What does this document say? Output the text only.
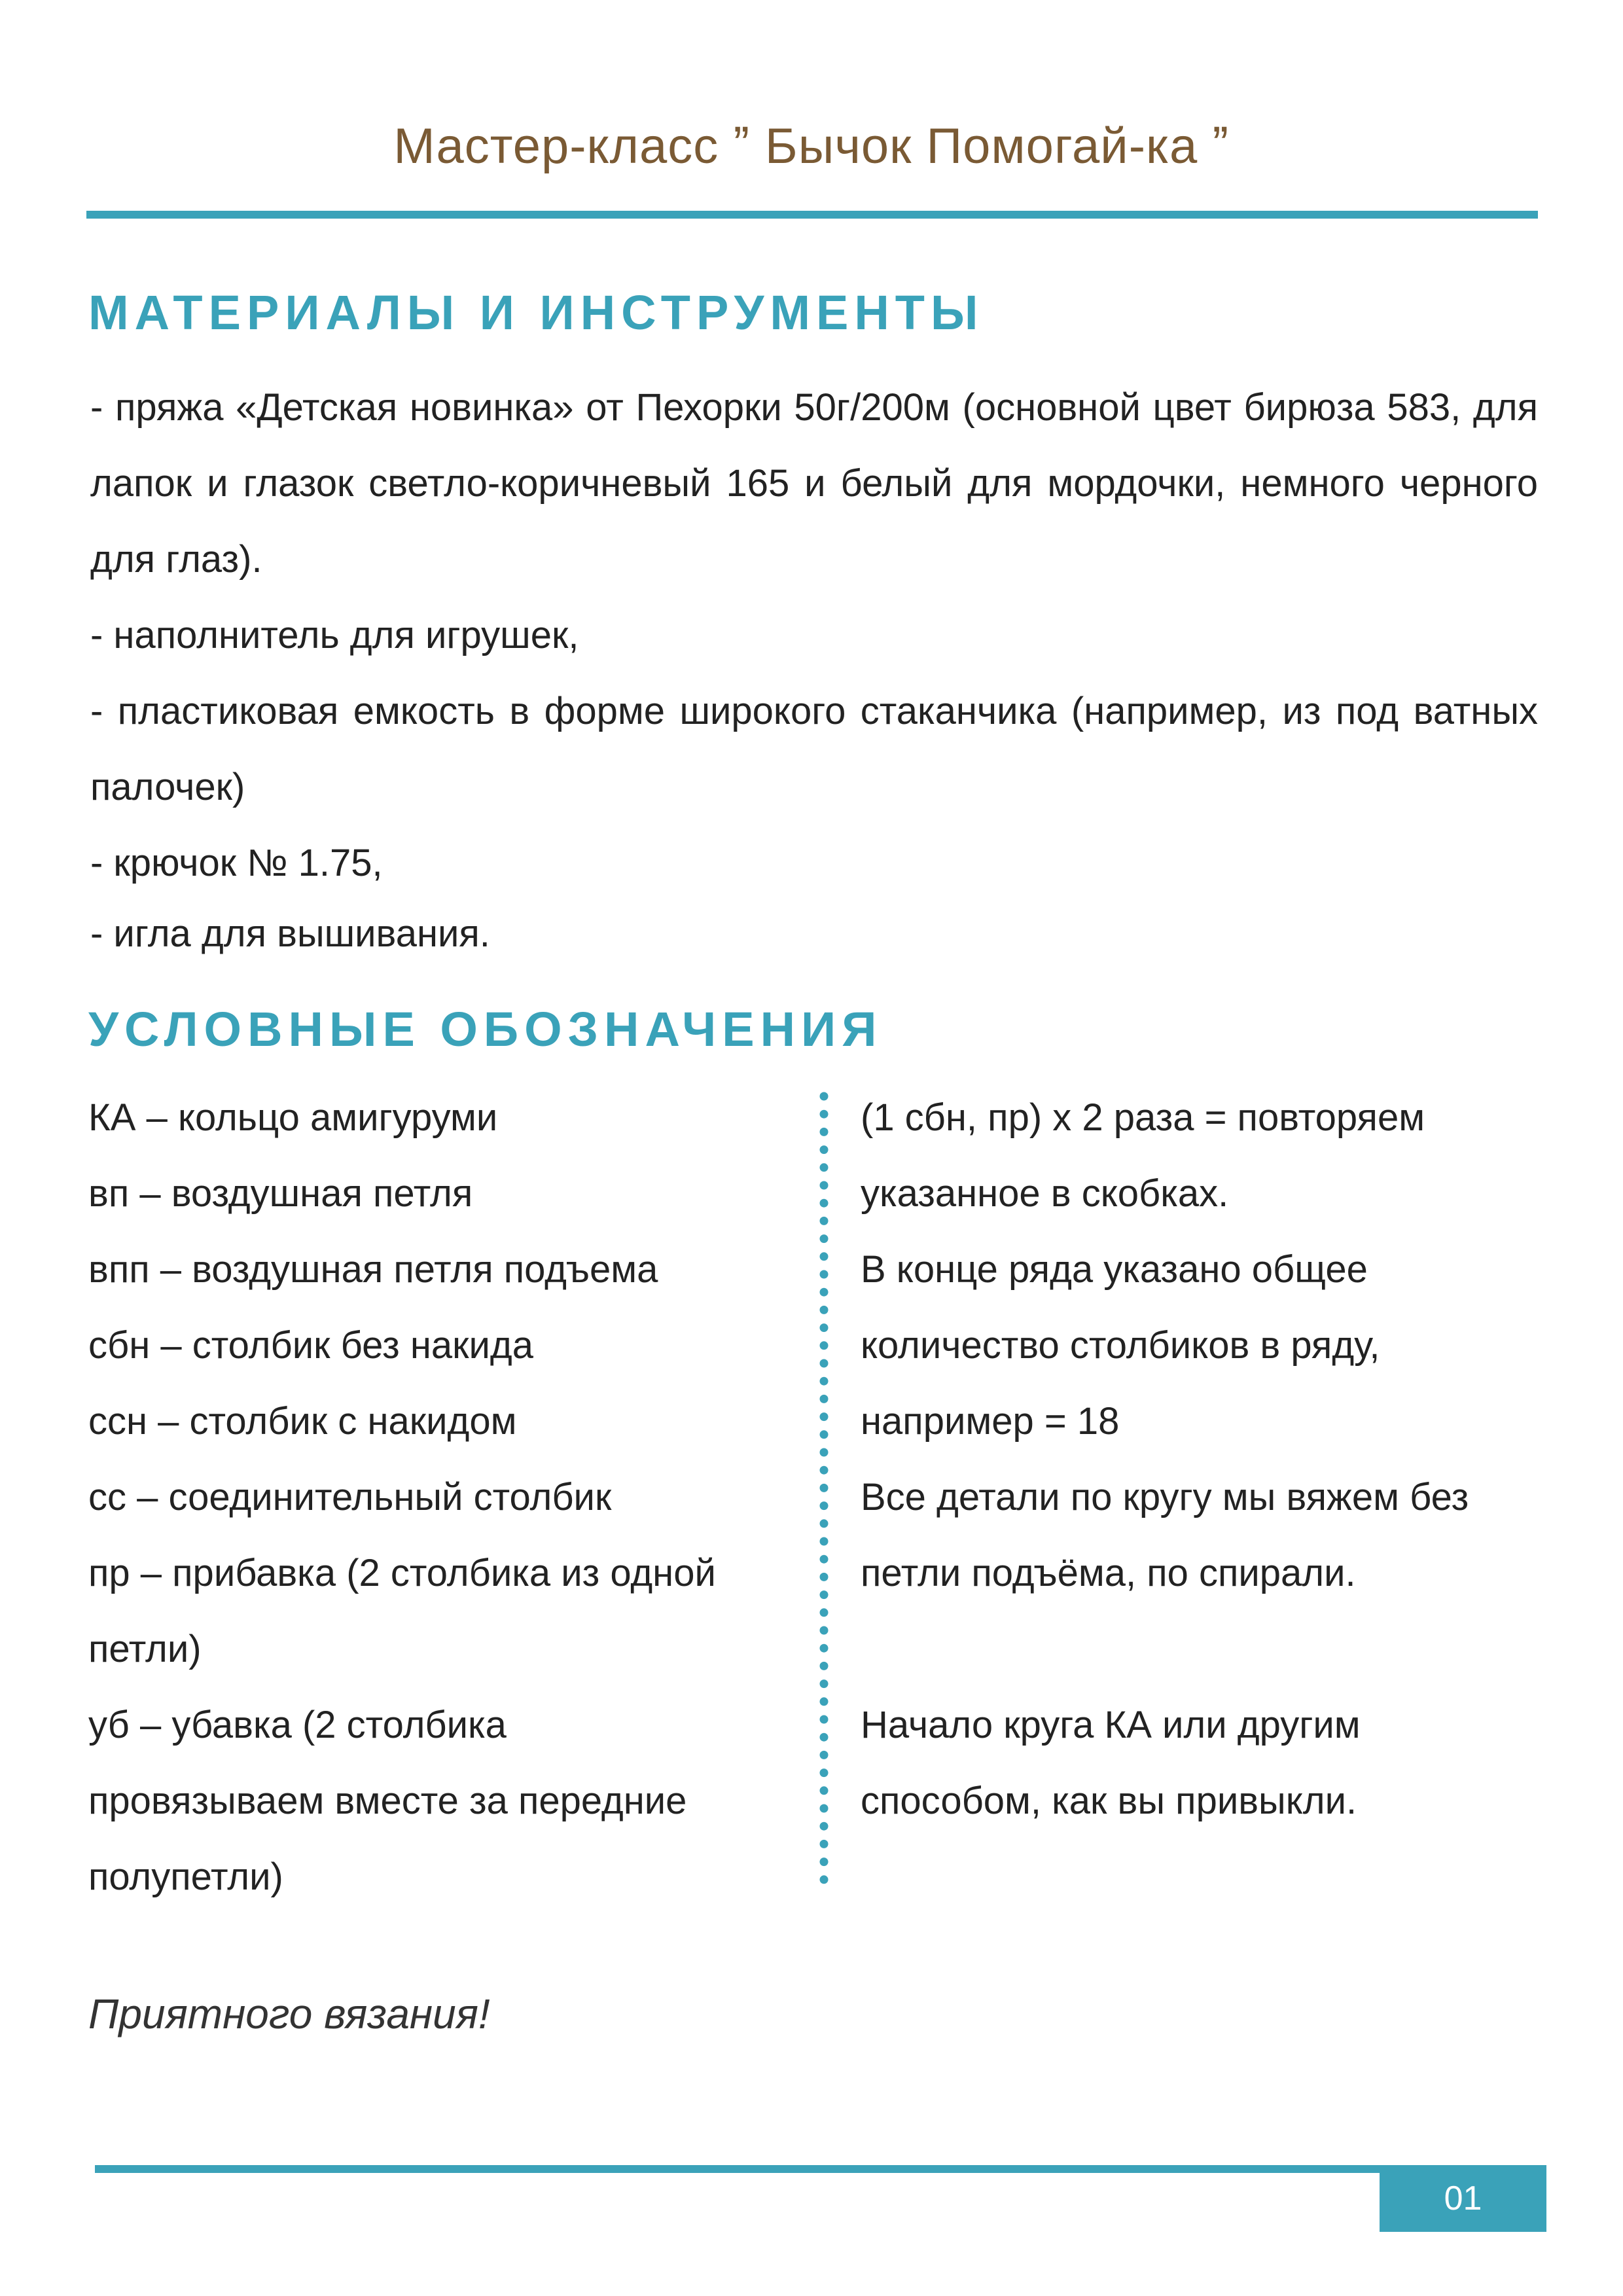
Мастер-класс ˮ Бычок Помогай-ка ˮ
МАТЕРИАЛЫ И ИНСТРУМЕНТЫ

- пряжа «Детская новинка» от Пехорки 50г/200м (основной цвет бирюза 583, для лапок и глазок светло-коричневый 165 и белый для мордочки, немного черного для глаз).

- наполнитель для игрушек,

- пластиковая емкость в форме широкого стаканчика (например, из под ватных палочек)

- крючок № 1.75,

- игла для вышивания.

УСЛОВНЫЕ ОБОЗНАЧЕНИЯ
КА – кольцо амигуруми
вп – воздушная петля
впп – воздушная петля подъема
сбн – столбик без накида
ссн – столбик с накидом
сс – соединительный столбик
пр – прибавка (2 столбика из одной
петли)
уб – убавка (2 столбика
провязываем вместе за передние
полупетли)
(1 сбн, пр) х 2 раза = повторяем
указанное в скобках.
В конце ряда указано общее
количество столбиков в ряду,
например = 18
Все детали по кругу мы вяжем без
петли подъёма, по спирали.

Начало круга КА или другим
способом, как вы привыкли.
Приятного вязания!
01
